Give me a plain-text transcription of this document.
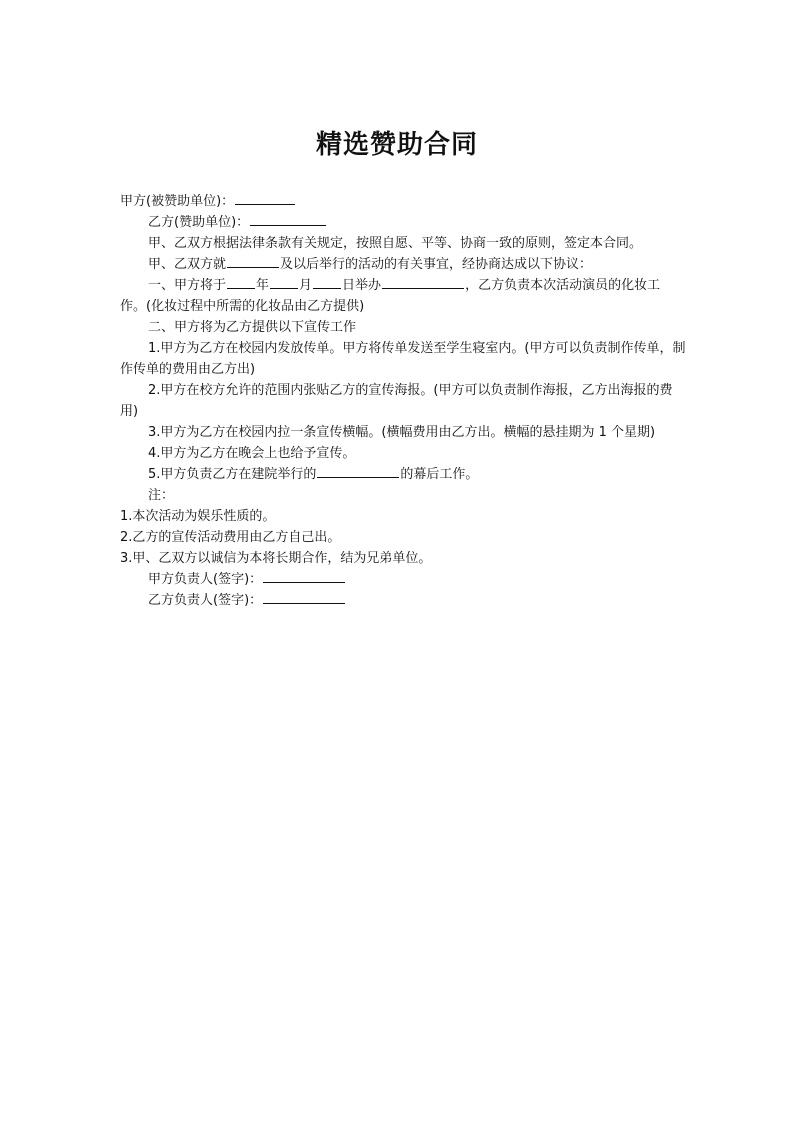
精选赞助合同

甲方(被赞助单位)：

乙方(赞助单位)：

甲、乙双方根据法律条款有关规定，按照自愿、平等、协商一致的原则，签定本合同。

甲、乙双方就	及以后举行的活动的有关事宜，经协商达成以下协议：

一、甲方将于 年 月 日举办	，乙方负责本次活动演员的化妆工作。(化妆过程中所需的化妆品由乙方提供)

二、甲方将为乙方提供以下宣传工作

1.甲方为乙方在校园内发放传单。甲方将传单发送至学生寝室内。(甲方可以负责制作传单，制作传单的费用由乙方出)

2.甲方在校方允许的范围内张贴乙方的宣传海报。(甲方可以负责制作海报，乙方出海报的费用)

3.甲方为乙方在校园内拉一条宣传横幅。(横幅费用由乙方出。横幅的悬挂期为 1 个星期)

4.甲方为乙方在晚会上也给予宣传。

5.甲方负责乙方在建院举行的	的幕后工作。

注：

1.本次活动为娱乐性质的。

2.乙方的宣传活动费用由乙方自己出。

3.甲、乙双方以诚信为本将长期合作，结为兄弟单位。

甲方负责人(签字)：

乙方负责人(签字)：
